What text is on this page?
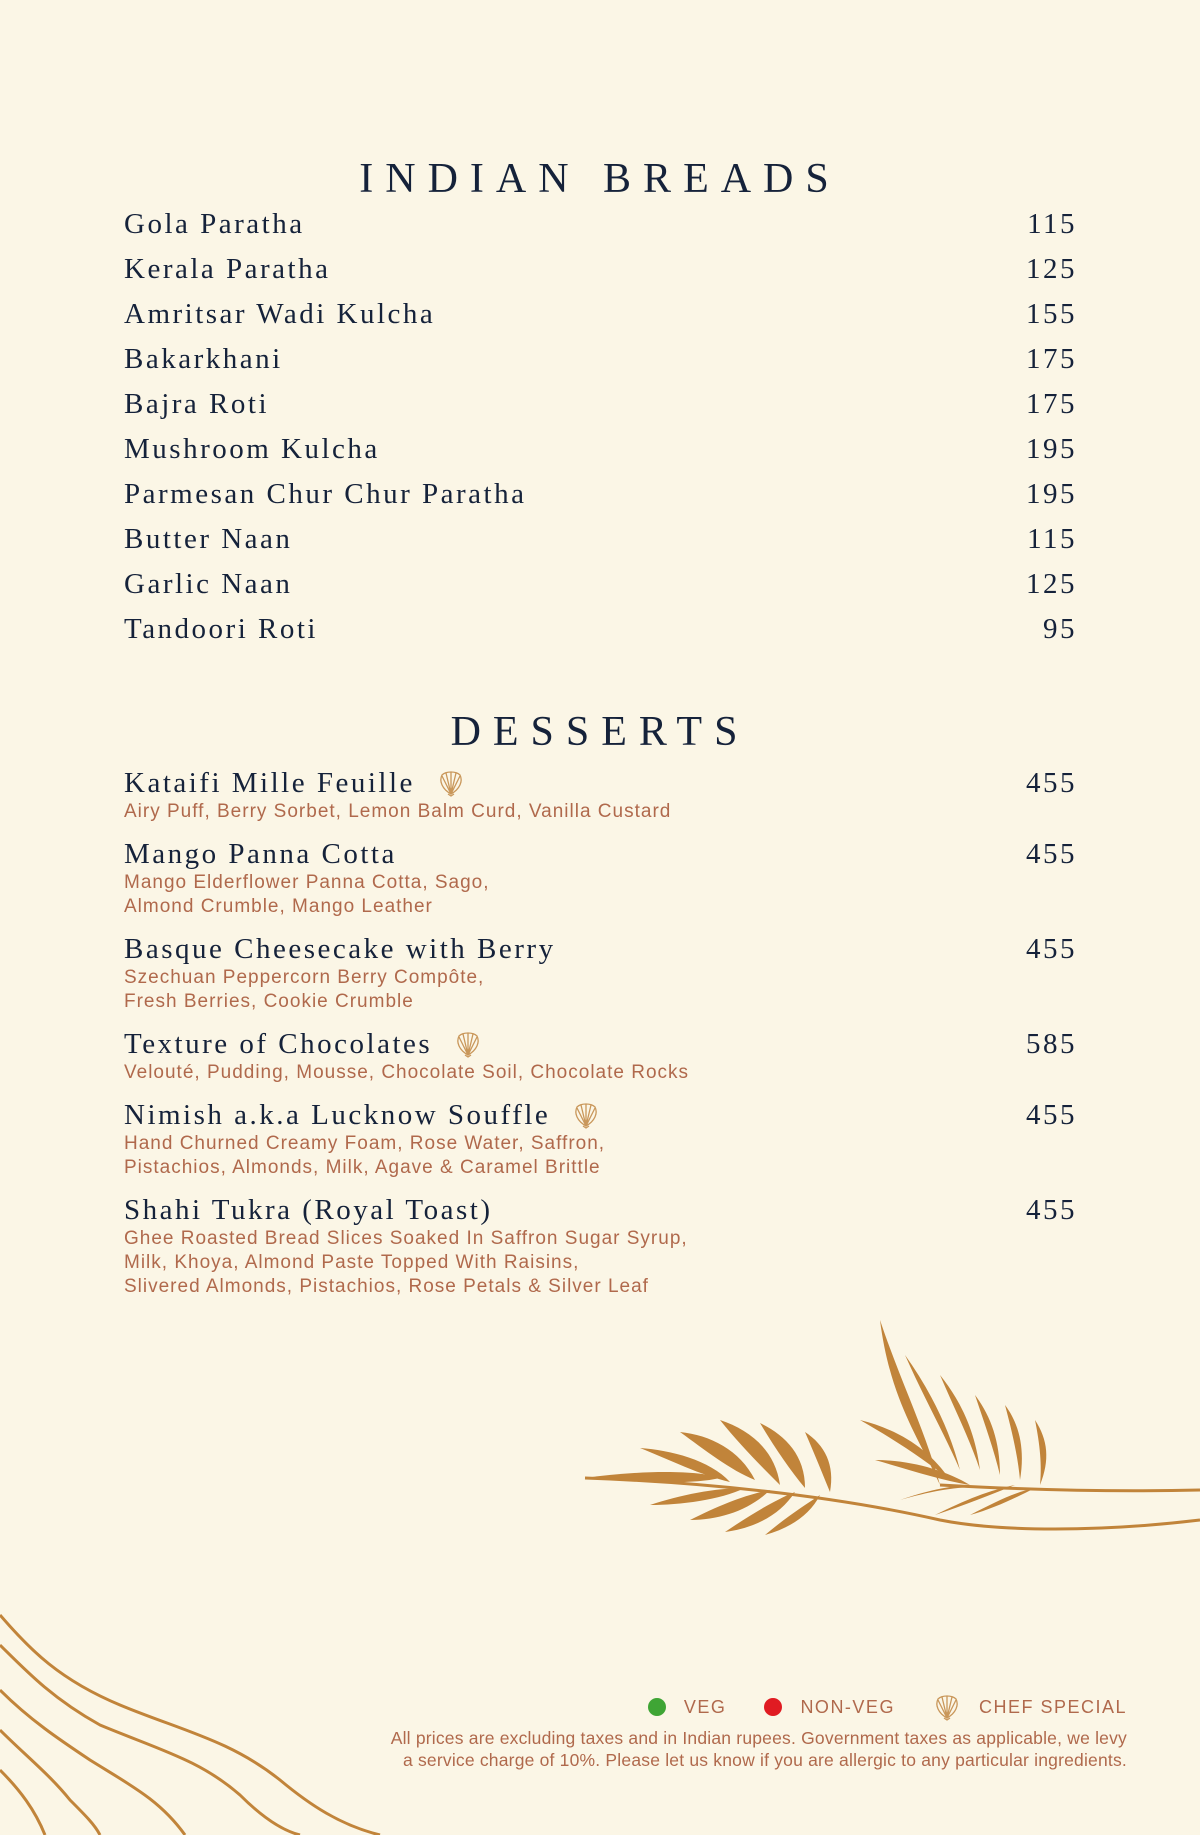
INDIAN BREADS
Gola Paratha	115
Kerala Paratha	125
Amritsar Wadi Kulcha	155
Bakarkhani	175
Bajra Roti	175
Mushroom Kulcha	195
Parmesan Chur Chur Paratha	195
Butter Naan	115
Garlic Naan	125
Tandoori Roti	95
DESSERTS
Kataifi Mille Feuille	455
Airy Puff, Berry Sorbet, Lemon Balm Curd, Vanilla Custard
Mango Panna Cotta	455
Mango Elderflower Panna Cotta, Sago,
Almond Crumble, Mango Leather
Basque Cheesecake with Berry	455
Szechuan Peppercorn Berry Compôte,
Fresh Berries, Cookie Crumble
Texture of Chocolates	585
Velouté, Pudding, Mousse, Chocolate Soil, Chocolate Rocks
Nimish a.k.a Lucknow Souffle	455
Hand Churned Creamy Foam, Rose Water, Saffron,
Pistachios, Almonds, Milk, Agave & Caramel Brittle
Shahi Tukra (Royal Toast)	455
Ghee Roasted Bread Slices Soaked In Saffron Sugar Syrup,
Milk, Khoya, Almond Paste Topped With Raisins,
Slivered Almonds, Pistachios, Rose Petals & Silver Leaf
VEG	NON-VEG	CHEF SPECIAL
All prices are excluding taxes and in Indian rupees. Government taxes as applicable, we levy
a service charge of 10%. Please let us know if you are allergic to any particular ingredients.
